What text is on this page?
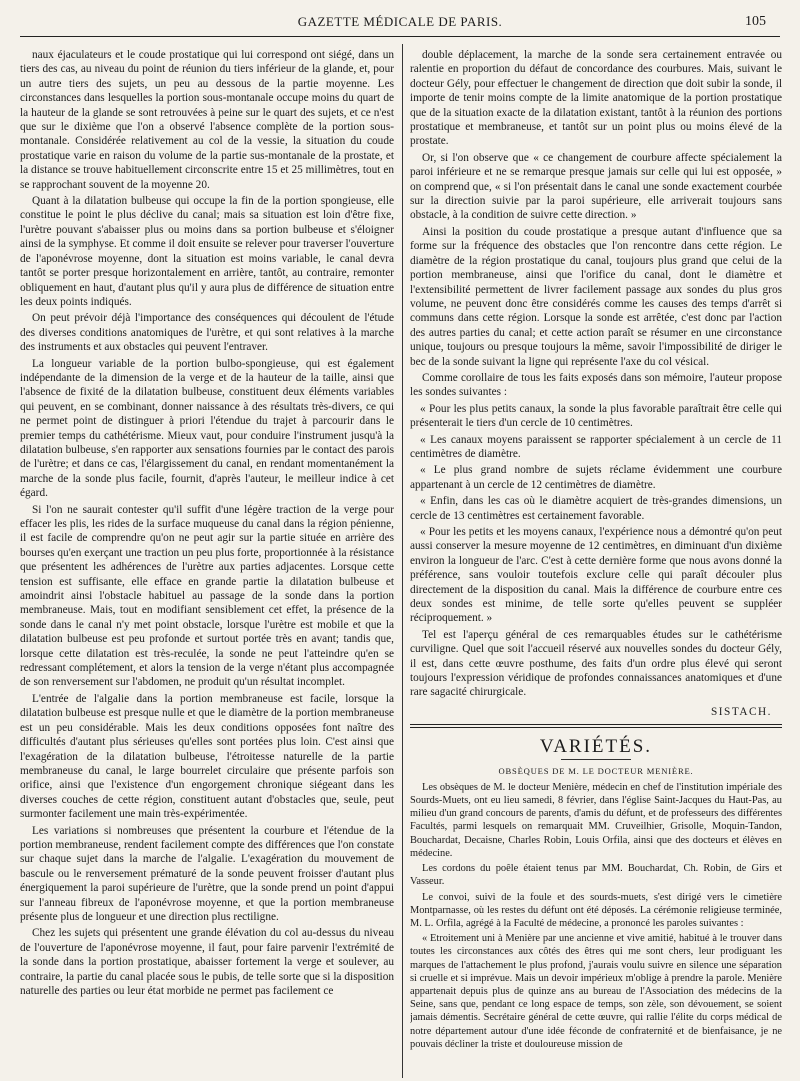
GAZETTE MÉDICALE DE PARIS.	105

naux éjaculateurs et le coude prostatique qui lui correspond ont siégé, dans un tiers des cas, au niveau du point de réunion du tiers inférieur de la glande, et, pour un autre tiers des sujets, un peu au dessous de la partie moyenne. Les circonstances dans lesquelles la portion sous-montanale occupe moins du quart de la hauteur de la glande se sont retrouvées à peine sur le quart des sujets, et ce n'est que sur le dixième que l'on a observé l'absence complète de la portion sous-montanale. Considérée relativement au col de la vessie, la situation du coude prostatique varie en raison du volume de la partie sus-montanale de la prostate, et la distance se trouve habituellement circonscrite entre 15 et 25 millimètres, tout en se rapprochant souvent de la moyenne 20.

Quant à la dilatation bulbeuse qui occupe la fin de la portion spongieuse, elle constitue le point le plus déclive du canal; mais sa situation est loin d'être fixe, l'urètre pouvant s'abaisser plus ou moins dans sa portion bulbeuse et s'éloigner ainsi de la symphyse. Et comme il doit ensuite se relever pour traverser l'ouverture de l'aponévrose moyenne, dont la situation est moins variable, le canal devra tantôt se porter presque horizontalement en arrière, tantôt, au contraire, remonter obliquement en haut, d'autant plus qu'il y aura plus de différence de situation entre les deux points indiqués.

On peut prévoir déjà l'importance des conséquences qui découlent de l'étude des diverses conditions anatomiques de l'urètre, et qui sont relatives à la marche des instruments et aux obstacles qui peuvent l'entraver.

La longueur variable de la portion bulbo-spongieuse, qui est également indépendante de la dimension de la verge et de la hauteur de la taille, ainsi que l'absence de fixité de la dilatation bulbeuse, constituent deux éléments variables qui peuvent, en se combinant, donner naissance à des résultats très-divers, ce qui ne permet point de distinguer à priori l'étendue du trajet à parcourir dans le premier temps du cathétérisme. Mieux vaut, pour conduire l'instrument jusqu'à la dilatation bulbeuse, s'en rapporter aux sensations fournies par le contact des parois de l'urètre; et dans ce cas, l'élargissement du canal, en rendant momentanément la marche de la sonde plus facile, fournit, d'après l'auteur, le meilleur indice à cet égard.

Si l'on ne saurait contester qu'il suffit d'une légère traction de la verge pour effacer les plis, les rides de la surface muqueuse du canal dans la région pénienne, il est facile de comprendre qu'on ne peut agir sur la partie située en arrière des bourses qu'en exerçant une traction un peu plus forte, proportionnée à la résistance que présentent les adhérences de l'urètre aux parties adjacentes. Lorsque cette tension est suffisante, elle efface en grande partie la dilatation bulbeuse et amoindrit ainsi l'obstacle habituel au passage de la sonde dans la portion membraneuse. Mais, tout en modifiant sensiblement cet effet, la présence de la sonde dans le canal n'y met point obstacle, lorsque l'urètre est mobile et que la dilatation bulbeuse est peu profonde et surtout portée très en avant; tandis que, lorsque cette dilatation est très-reculée, la sonde ne peut l'atteindre qu'en se redressant complétement, et alors la tension de la verge n'étant plus accompagnée de son renversement sur l'abdomen, ne produit qu'un résultat incomplet.

L'entrée de l'algalie dans la portion membraneuse est facile, lorsque la dilatation bulbeuse est presque nulle et que le diamètre de la portion membraneuse est un peu considérable. Mais les deux conditions opposées font naître des difficultés d'autant plus sérieuses qu'elles sont portées plus loin. C'est ainsi que l'exagération de la dilatation bulbeuse, l'étroitesse naturelle de la partie membraneuse du canal, le large bourrelet circulaire que présente parfois son orifice, ainsi que l'existence d'un engorgement chronique siégeant dans les diverses couches de cette région, constituent autant d'obstacles que, seule, peut surmonter facilement une main très-expérimentée.

Les variations si nombreuses que présentent la courbure et l'étendue de la portion membraneuse, rendent facilement compte des différences que l'on constate sur chaque sujet dans la marche de l'algalie. L'exagération du mouvement de bascule ou le renversement prématuré de la sonde peuvent froisser d'autant plus énergiquement la paroi supérieure de l'urètre, que la sonde prend un point d'appui sur l'anneau fibreux de l'aponévrose moyenne, et que la portion membraneuse présente plus de longueur et une direction plus rectiligne.

Chez les sujets qui présentent une grande élévation du col au-dessus du niveau de l'ouverture de l'aponévrose moyenne, il faut, pour faire parvenir l'extrémité de la sonde dans la portion prostatique, abaisser fortement la verge et soulever, au contraire, la partie du canal placée sous le pubis, de telle sorte que si la disposition naturelle des parties ou leur état morbide ne permet pas facilement ce

double déplacement, la marche de la sonde sera certainement entravée ou ralentie en proportion du défaut de concordance des courbures. Mais, suivant le docteur Gély, pour effectuer le changement de direction que doit subir la sonde, il importe de tenir moins compte de la limite anatomique de la portion prostatique que de la situation exacte de la dilatation existant, tantôt à la réunion des portions prostatique et membraneuse, et tantôt sur un point plus ou moins élevé de la prostate.

Or, si l'on observe que « ce changement de courbure affecte spécialement la paroi inférieure et ne se remarque presque jamais sur celle qui lui est opposée, » on comprend que, « si l'on présentait dans le canal une sonde exactement courbée sur la direction suivie par la paroi supérieure, elle arriverait toujours sans obstacle, à la condition de suivre cette direction. »

Ainsi la position du coude prostatique a presque autant d'influence que sa forme sur la fréquence des obstacles que l'on rencontre dans cette région. Le diamètre de la région prostatique du canal, toujours plus grand que celui de la portion membraneuse, ainsi que l'orifice du canal, dont le diamètre et l'extensibilité permettent de livrer facilement passage aux sondes du plus gros volume, ne peuvent donc être considérés comme les causes des temps d'arrêt si communs dans cette région. Lorsque la sonde est arrêtée, c'est donc par l'action des autres parties du canal; et cette action paraît se résumer en une circonstance unique, toujours ou presque toujours la même, savoir l'impossibilité de diriger le bec de la sonde suivant la ligne qui représente l'axe du col vésical.

Comme corollaire de tous les faits exposés dans son mémoire, l'auteur propose les sondes suivantes :

« Pour les plus petits canaux, la sonde la plus favorable paraîtrait être celle qui présenterait le tiers d'un cercle de 10 centimètres.

« Les canaux moyens paraissent se rapporter spécialement à un cercle de 11 centimètres de diamètre.

« Le plus grand nombre de sujets réclame évidemment une courbure appartenant à un cercle de 12 centimètres de diamètre.

« Enfin, dans les cas où le diamètre acquiert de très-grandes dimensions, un cercle de 13 centimètres est certainement favorable.

« Pour les petits et les moyens canaux, l'expérience nous a démontré qu'on peut aussi conserver la mesure moyenne de 12 centimètres, en diminuant d'un dixième environ la longueur de l'arc. C'est à cette dernière forme que nous avons donné la préférence, sans vouloir toutefois exclure celle qui paraît découler plus directement de la disposition du canal. Mais la différence de courbure entre ces deux sondes est minime, de telle sorte qu'elles peuvent se suppléer réciproquement. »

Tel est l'aperçu général de ces remarquables études sur le cathétérisme curviligne. Quel que soit l'accueil réservé aux nouvelles sondes du docteur Gély, il est, dans cette œuvre posthume, des faits d'un ordre plus élevé qui seront toujours l'expression véridique de profondes connaissances anatomiques et d'une rare sagacité chirurgicale.

SISTACH.
VARIÉTÉS.
OBSÈQUES DE M. LE DOCTEUR MENIÈRE.

Les obsèques de M. le docteur Menière, médecin en chef de l'institution impériale des Sourds-Muets, ont eu lieu samedi, 8 février, dans l'église Saint-Jacques du Haut-Pas, au milieu d'un grand concours de parents, d'amis du défunt, et de professeurs des différentes Facultés, parmi lesquels on remarquait MM. Cruveilhier, Grisolle, Moquin-Tandon, Bouchardat, Decaisne, Charles Robin, Louis Orfila, ainsi que des docteurs et élèves en médecine.

Les cordons du poêle étaient tenus par MM. Bouchardat, Ch. Robin, de Girs et Vasseur.

Le convoi, suivi de la foule et des sourds-muets, s'est dirigé vers le cimetière Montparnasse, où les restes du défunt ont été déposés. La cérémonie religieuse terminée, M. L. Orfila, agrégé à la Faculté de médecine, a prononcé les paroles suivantes :

« Etroitement uni à Menière par une ancienne et vive amitié, habitué à le trouver dans toutes les circonstances aux côtés des êtres qui me sont chers, leur prodiguant les marques de l'attachement le plus profond, j'aurais voulu suivre en silence une séparation si cruelle et si imprévue. Mais un devoir impérieux m'oblige à prendre la parole. Menière appartenait depuis plus de quinze ans au bureau de l'Association des médecins de la Seine, sans que, pendant ce long espace de temps, son zèle, son dévouement, se soient jamais démentis. Secrétaire général de cette œuvre, qui rallie l'élite du corps médical de notre département autour d'une idée féconde de confraternité et de bienfaisance, je ne pouvais décliner la triste et douloureuse mission de
